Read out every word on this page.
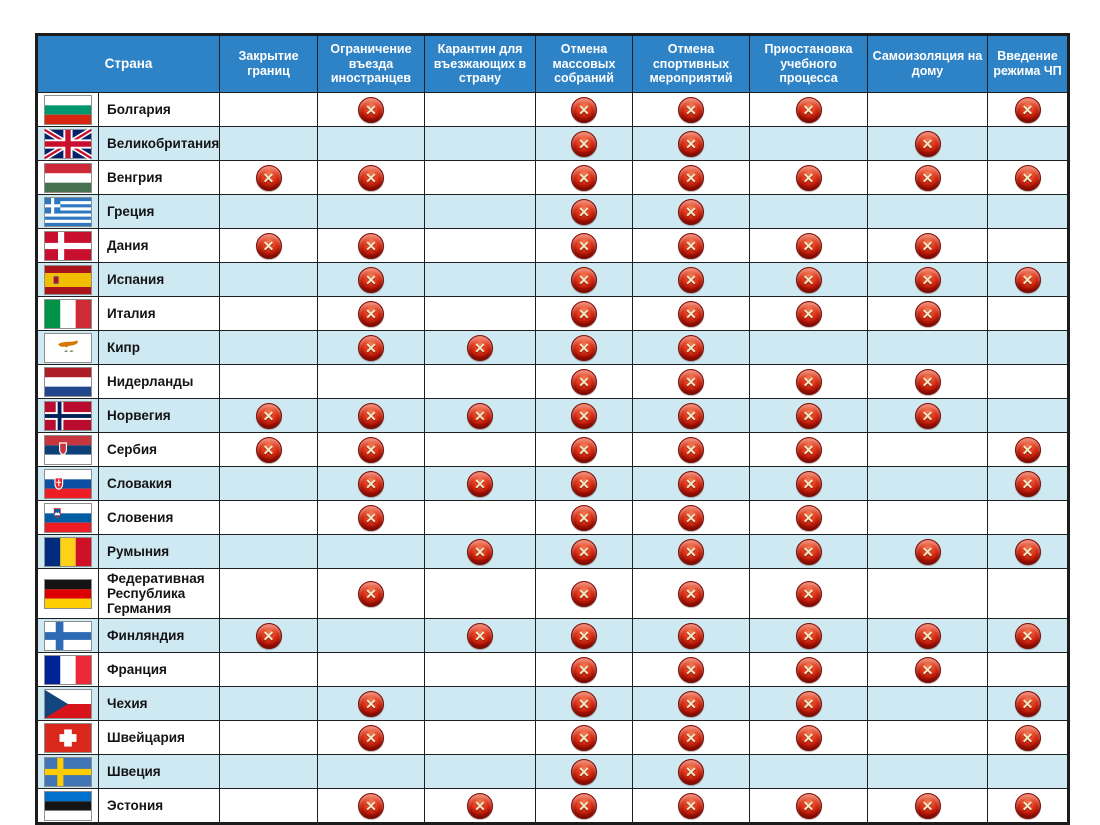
Страна		Закрытие границ	Ограничение въезда иностранцев	Карантин для въезжающих в страну	Отмена массовых собраний	Отмена спортивных мероприятий	Приостановка учебного процесса	Самоизоляция на дому	Введение режима ЧП

	Болгария		✕		✕	✕	✕		✕

	Великобритания				✕	✕		✕	

	Венгрия	✕	✕		✕	✕	✕	✕	✕

	Греция				✕	✕			

	Дания	✕	✕		✕	✕	✕	✕	

	Испания		✕		✕	✕	✕	✕	✕

	Италия		✕		✕	✕	✕	✕	

	Кипр		✕	✕	✕	✕			

	Нидерланды				✕	✕	✕	✕	

	Норвегия	✕	✕	✕	✕	✕	✕	✕	

	Сербия	✕	✕		✕	✕	✕		✕

	Словакия		✕	✕	✕	✕	✕		✕

	Словения		✕		✕	✕	✕		

	Румыния			✕	✕	✕	✕	✕	✕

	Федеративная Республика Германия		✕		✕	✕	✕		

	Финляндия	✕		✕	✕	✕	✕	✕	✕

	Франция				✕	✕	✕	✕	

	Чехия		✕		✕	✕	✕		✕

	Швейцария		✕		✕	✕	✕		✕

	Швеция				✕	✕			

	Эстония		✕	✕	✕	✕	✕	✕	✕
